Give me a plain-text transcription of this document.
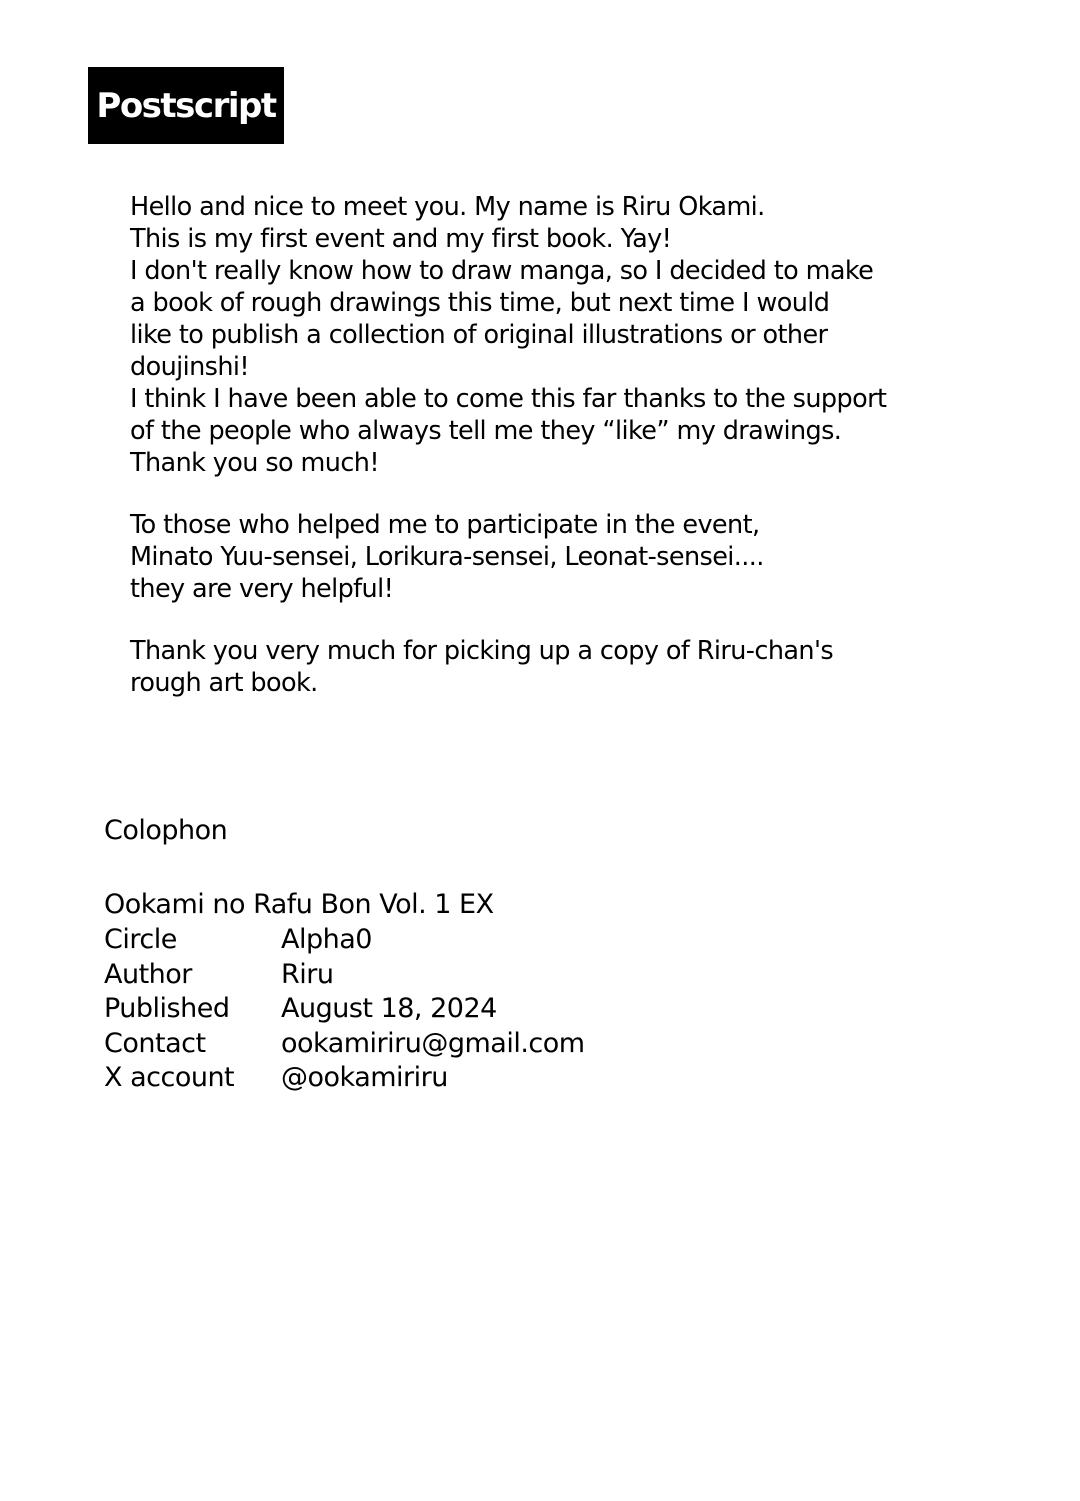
Postscript
Hello and nice to meet you. My name is Riru Okami.
This is my first event and my first book. Yay!
I don't really know how to draw manga, so I decided to make
a book of rough drawings this time, but next time I would
like to publish a collection of original illustrations or other
doujinshi!
I think I have been able to come this far thanks to the support
of the people who always tell me they “like” my drawings.
Thank you so much!
To those who helped me to participate in the event,
Minato Yuu-sensei, Lorikura-sensei, Leonat-sensei....
they are very helpful!
Thank you very much for picking up a copy of Riru-chan's
rough art book.
Colophon
Ookami no Rafu Bon Vol. 1 EX
Circle	Alpha0
Author	Riru
Published	August 18, 2024
Contact	ookamiriru@gmail.com
X account	@ookamiriru
